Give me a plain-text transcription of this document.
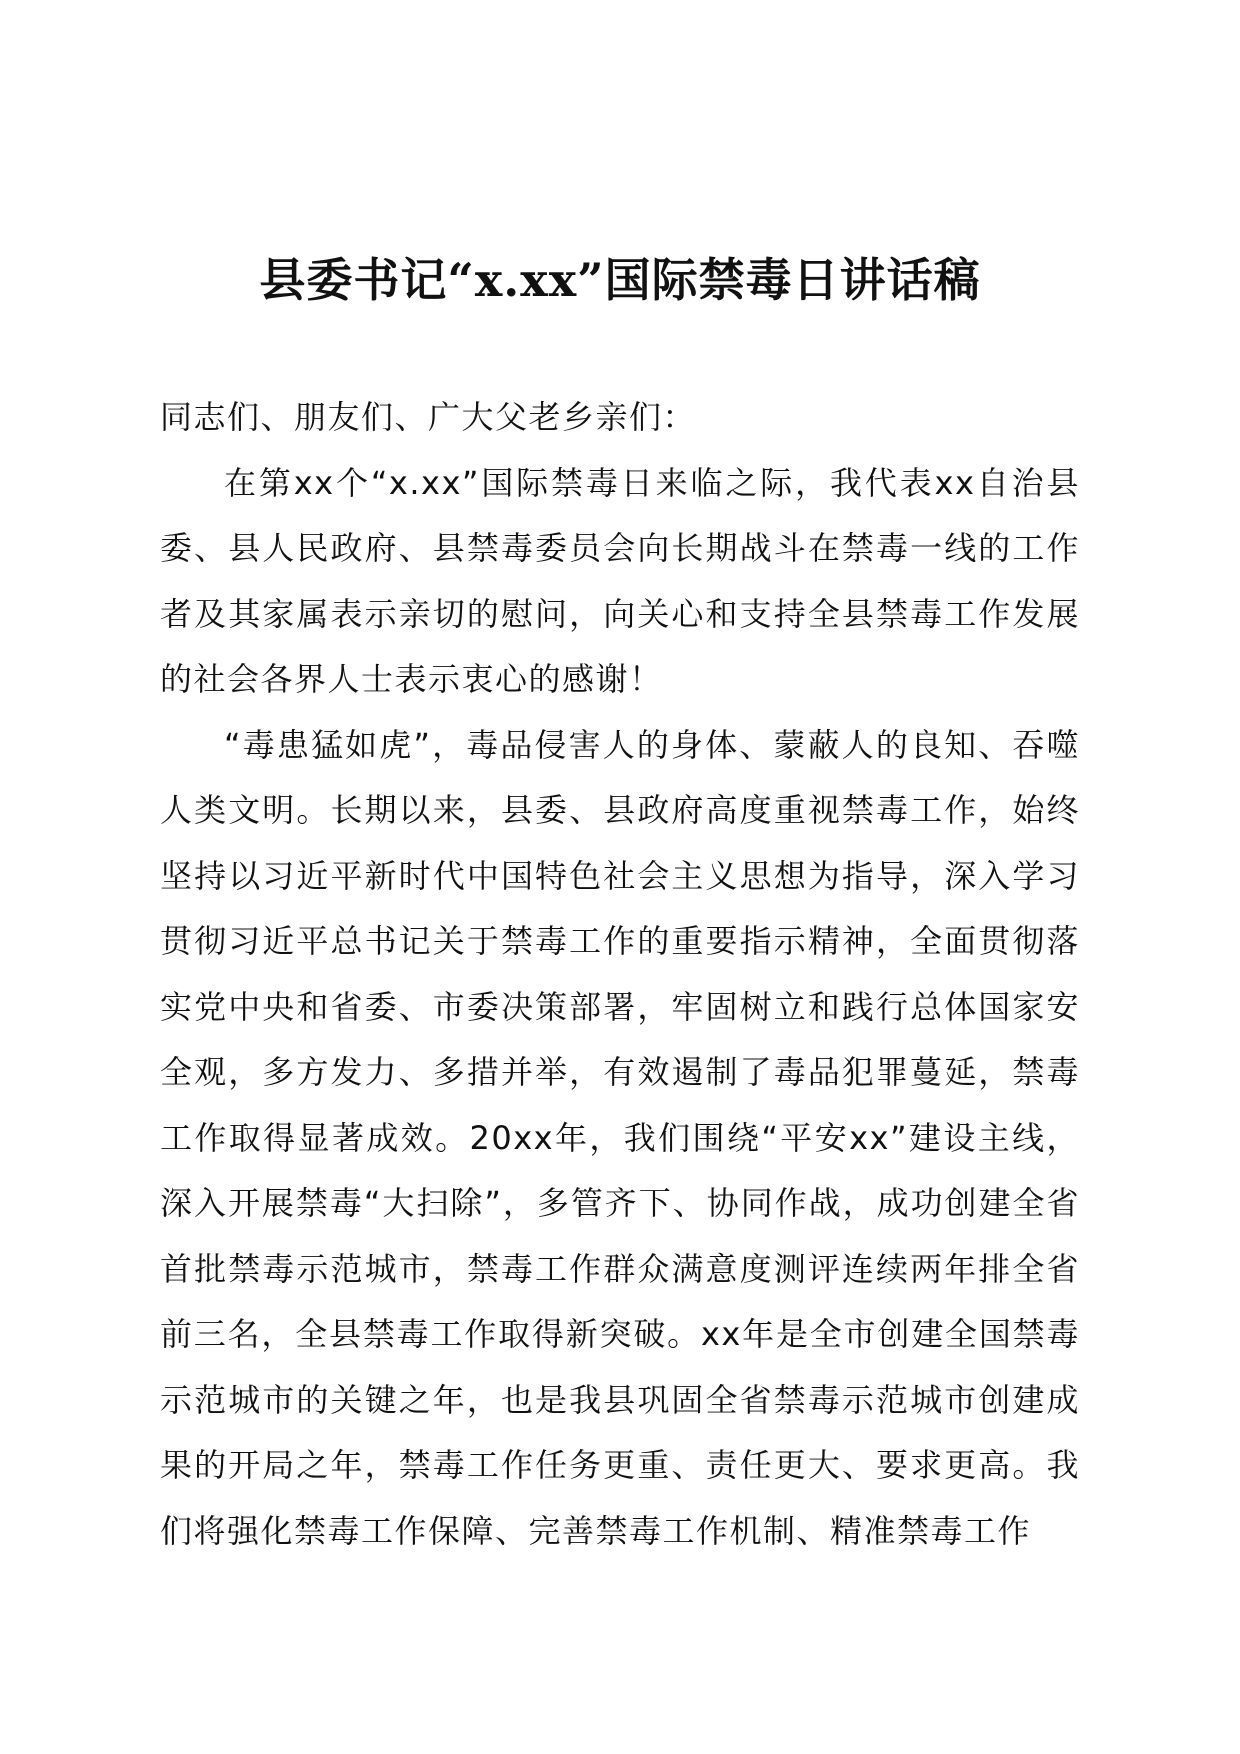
县委书记“x.xx”国际禁毒日讲话稿

同志们、朋友们、广大父老乡亲们：

在第xx个“x.xx”国际禁毒日来临之际，我代表xx自治县委、县人民政府、县禁毒委员会向长期战斗在禁毒一线的工作者及其家属表示亲切的慰问，向关心和支持全县禁毒工作发展的社会各界人士表示衷心的感谢！

“毒患猛如虎”，毒品侵害人的身体、蒙蔽人的良知、吞噬人类文明。长期以来，县委、县政府高度重视禁毒工作，始终坚持以习近平新时代中国特色社会主义思想为指导，深入学习贯彻习近平总书记关于禁毒工作的重要指示精神，全面贯彻落实党中央和省委、市委决策部署，牢固树立和践行总体国家安全观，多方发力、多措并举，有效遏制了毒品犯罪蔓延，禁毒工作取得显著成效。20xx年，我们围绕“平安xx”建设主线，深入开展禁毒“大扫除”，多管齐下、协同作战，成功创建全省首批禁毒示范城市，禁毒工作群众满意度测评连续两年排全省前三名，全县禁毒工作取得新突破。xx年是全市创建全国禁毒示范城市的关键之年，也是我县巩固全省禁毒示范城市创建成果的开局之年，禁毒工作任务更重、责任更大、要求更高。我们将强化禁毒工作保障、完善禁毒工作机制、精准禁毒工作
